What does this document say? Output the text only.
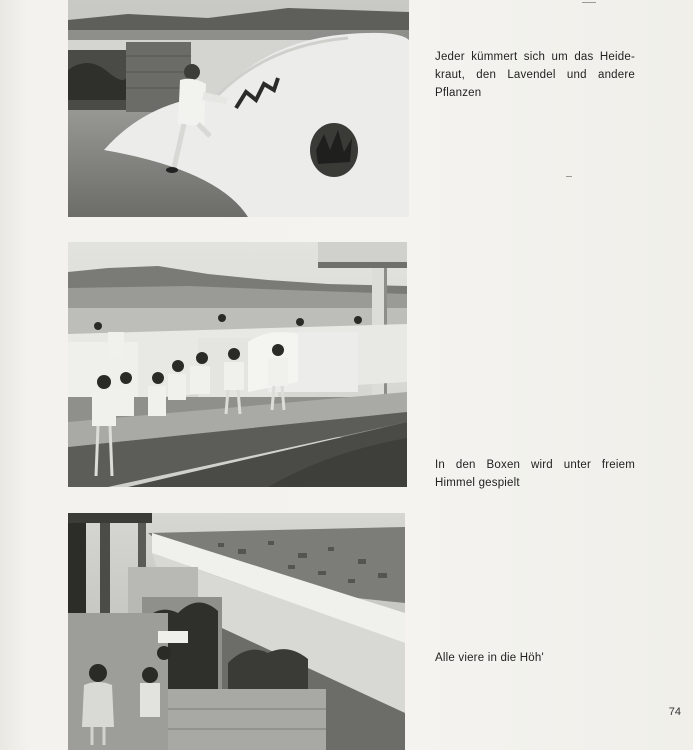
Jeder kümmert sich um das Heide-kraut, den Lavendel und andere Pflanzen

In den Boxen wird unter freiem Himmel gespielt

Alle viere in die Höh'

74
